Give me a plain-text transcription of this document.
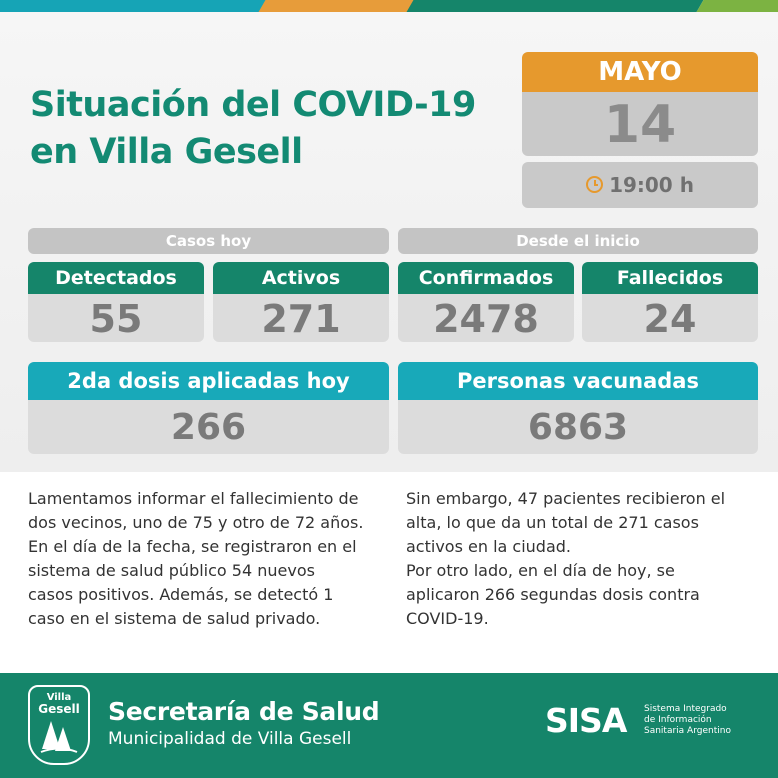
Situación del COVID-19
en Villa Gesell
MAYO
14
19:00 h
Casos hoy	Desde el inicio
Detectados
55
Activos
271
Confirmados
2478
Fallecidos
24
2da dosis aplicadas hoy
266
Personas vacunadas
6863
Lamentamos informar el fallecimiento de
dos vecinos, uno de 75 y otro de 72 años.
En el día de la fecha, se registraron en el
sistema de salud público 54 nuevos
casos positivos. Además, se detectó 1
caso en el sistema de salud privado.
Sin embargo, 47 pacientes recibieron el
alta, lo que da un total de 271 casos
activos en la ciudad.
Por otro lado, en el día de hoy, se
aplicaron 266 segundas dosis contra
COVID-19.
Villa
Gesell	Secretaría de Salud
Municipalidad de Villa Gesell	SISA	Sistema Integrado
de Información
Sanitaria Argentino
